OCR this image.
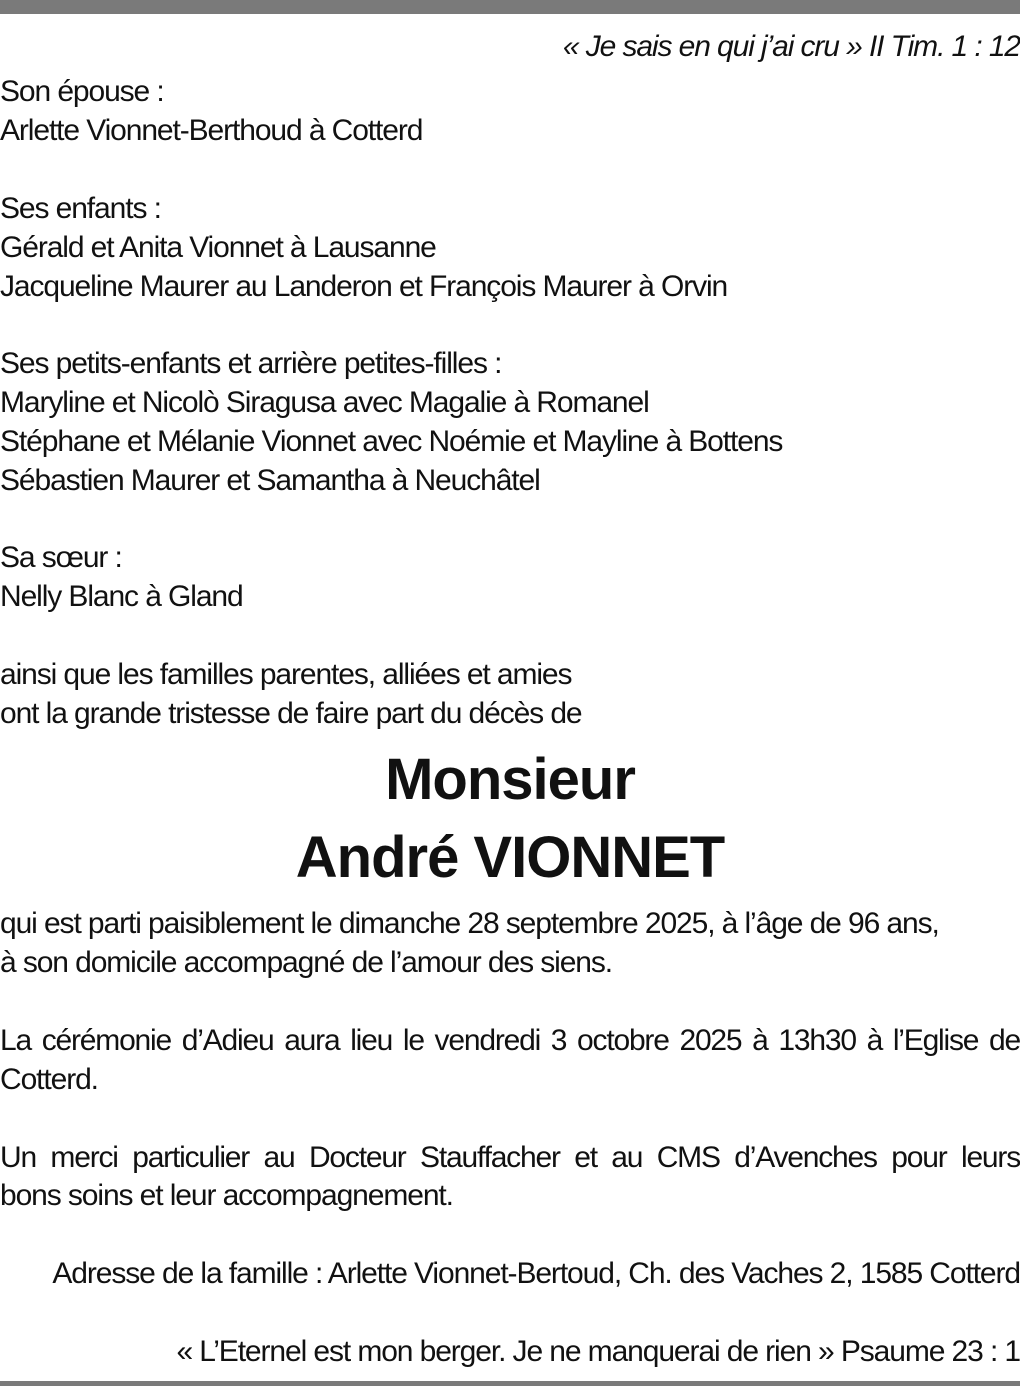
« Je sais en qui j’ai cru » II Tim. 1 : 12
Son épouse :
Arlette Vionnet-Berthoud à Cotterd
Ses enfants :
Gérald et Anita Vionnet à Lausanne
Jacqueline Maurer au Landeron et François Maurer à Orvin
Ses petits-enfants et arrière petites-filles :
Maryline et Nicolò Siragusa avec Magalie à Romanel
Stéphane et Mélanie Vionnet avec Noémie et Mayline à Bottens
Sébastien Maurer et Samantha à Neuchâtel
Sa sœur :
Nelly Blanc à Gland
ainsi que les familles parentes, alliées et amies
ont la grande tristesse de faire part du décès de
Monsieur
André VIONNET
qui est parti paisiblement le dimanche 28 septembre 2025, à l’âge de 96 ans,
à son domicile accompagné de l’amour des siens.
La cérémonie d’Adieu aura lieu le vendredi 3 octobre 2025 à 13h30 à l’Eglise de
Cotterd.
Un merci particulier au Docteur Stauffacher et au CMS d’Avenches pour leurs
bons soins et leur accompagnement.
Adresse de la famille : Arlette Vionnet-Bertoud, Ch. des Vaches 2, 1585 Cotterd
« L’Eternel est mon berger. Je ne manquerai de rien » Psaume 23 : 1
